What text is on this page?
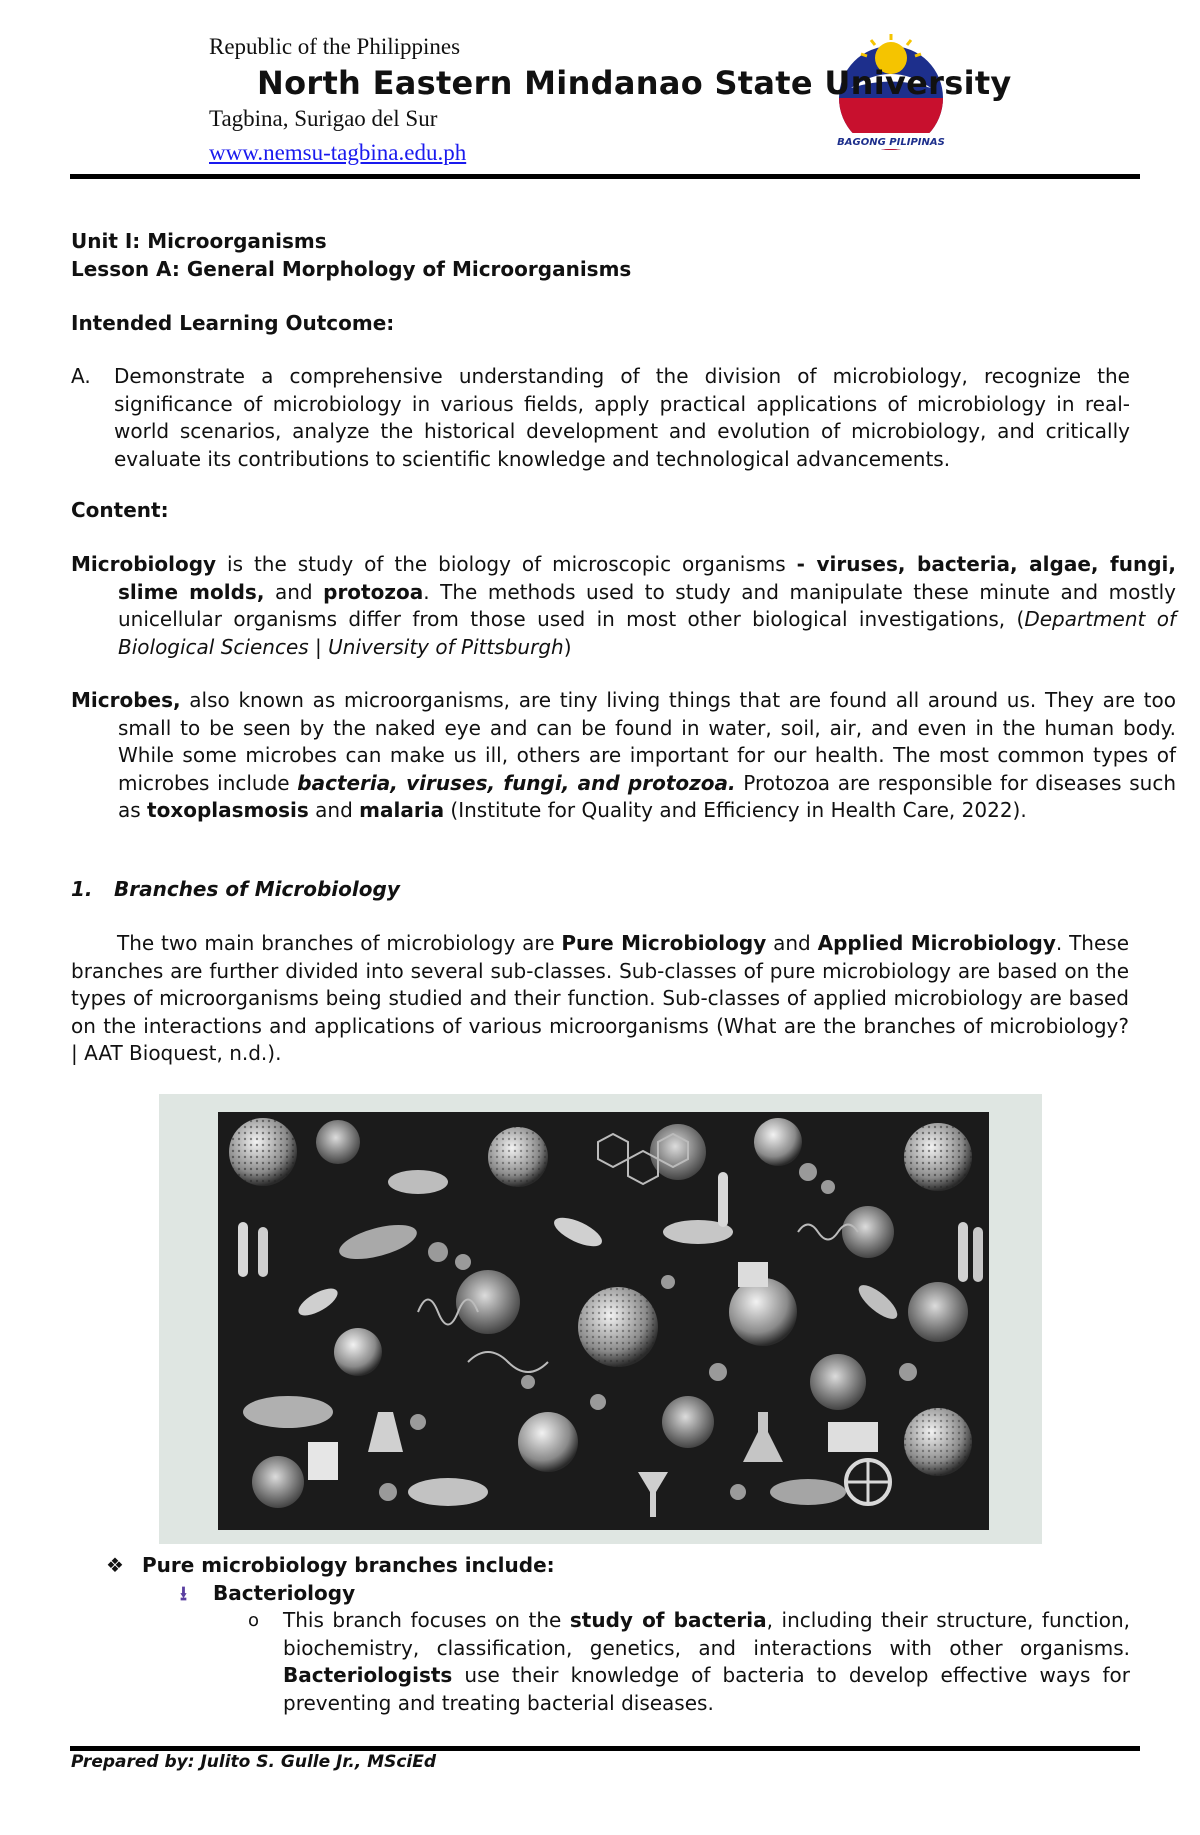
Republic of the Philippines
BAGONG PILIPINAS
North Eastern Mindanao State University
Tagbina, Surigao del Sur
www.nemsu-tagbina.edu.ph
Unit I: Microorganisms
Lesson A: General Morphology of Microorganisms
Intended Learning Outcome:
A. Demonstrate a comprehensive understanding of the division of microbiology, recognize the significance of microbiology in various fields, apply practical applications of microbiology in real-world scenarios, analyze the historical development and evolution of microbiology, and critically evaluate its contributions to scientific knowledge and technological advancements.
Content:
Microbiology is the study of the biology of microscopic organisms - viruses, bacteria, algae, fungi, slime molds, and protozoa. The methods used to study and manipulate these minute and mostly unicellular organisms differ from those used in most other biological investigations, (Department of Biological Sciences | University of Pittsburgh)
Microbes, also known as microorganisms, are tiny living things that are found all around us. They are too small to be seen by the naked eye and can be found in water, soil, air, and even in the human body. While some microbes can make us ill, others are important for our health. The most common types of microbes include bacteria, viruses, fungi, and protozoa. Protozoa are responsible for diseases such as toxoplasmosis and malaria (Institute for Quality and Efficiency in Health Care, 2022).
1. Branches of Microbiology
The two main branches of microbiology are Pure Microbiology and Applied Microbiology. These branches are further divided into several sub-classes. Sub-classes of pure microbiology are based on the types of microorganisms being studied and their function. Sub-classes of applied microbiology are based on the interactions and applications of various microorganisms (What are the branches of microbiology? | AAT Bioquest, n.d.).
❖ Pure microbiology branches include:
⭳ Bacteriology
o This branch focuses on the study of bacteria, including their structure, function, biochemistry, classification, genetics, and interactions with other organisms. Bacteriologists use their knowledge of bacteria to develop effective ways for preventing and treating bacterial diseases.
Prepared by: Julito S. Gulle Jr., MSciEd
